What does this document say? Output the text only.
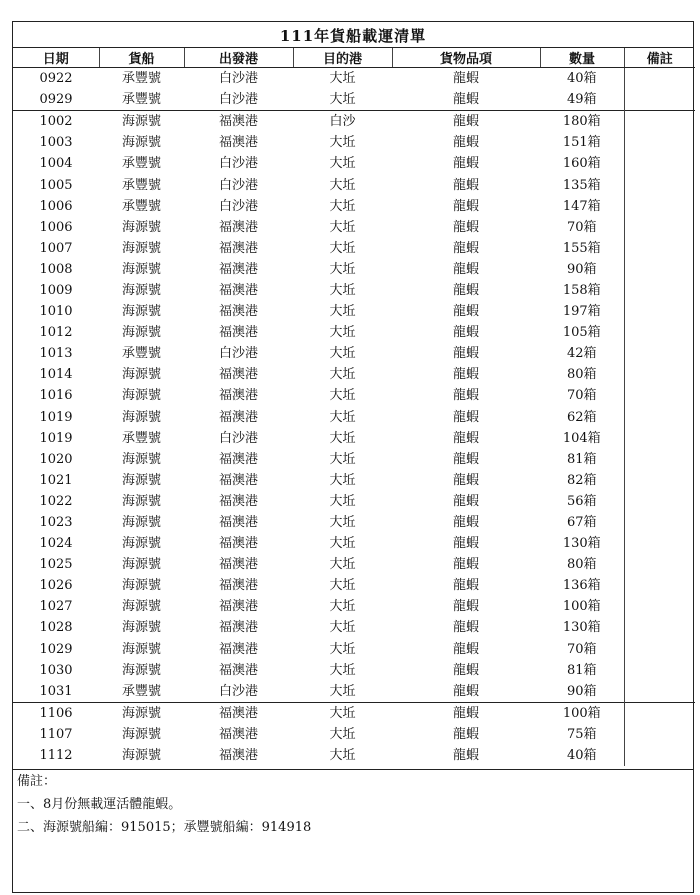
111年貨船載運清單
日期	貨船	出發港	目的港	貨物品項	數量	備註
0922	承豐號	白沙港	大坵	龍蝦	40箱	
0929	承豐號	白沙港	大坵	龍蝦	49箱	
1002	海源號	福澳港	白沙	龍蝦	180箱	
1003	海源號	福澳港	大坵	龍蝦	151箱	
1004	承豐號	白沙港	大坵	龍蝦	160箱	
1005	承豐號	白沙港	大坵	龍蝦	135箱	
1006	承豐號	白沙港	大坵	龍蝦	147箱	
1006	海源號	福澳港	大坵	龍蝦	70箱	
1007	海源號	福澳港	大坵	龍蝦	155箱	
1008	海源號	福澳港	大坵	龍蝦	90箱	
1009	海源號	福澳港	大坵	龍蝦	158箱	
1010	海源號	福澳港	大坵	龍蝦	197箱	
1012	海源號	福澳港	大坵	龍蝦	105箱	
1013	承豐號	白沙港	大坵	龍蝦	42箱	
1014	海源號	福澳港	大坵	龍蝦	80箱	
1016	海源號	福澳港	大坵	龍蝦	70箱	
1019	海源號	福澳港	大坵	龍蝦	62箱	
1019	承豐號	白沙港	大坵	龍蝦	104箱	
1020	海源號	福澳港	大坵	龍蝦	81箱	
1021	海源號	福澳港	大坵	龍蝦	82箱	
1022	海源號	福澳港	大坵	龍蝦	56箱	
1023	海源號	福澳港	大坵	龍蝦	67箱	
1024	海源號	福澳港	大坵	龍蝦	130箱	
1025	海源號	福澳港	大坵	龍蝦	80箱	
1026	海源號	福澳港	大坵	龍蝦	136箱	
1027	海源號	福澳港	大坵	龍蝦	100箱	
1028	海源號	福澳港	大坵	龍蝦	130箱	
1029	海源號	福澳港	大坵	龍蝦	70箱	
1030	海源號	福澳港	大坵	龍蝦	81箱	
1031	承豐號	白沙港	大坵	龍蝦	90箱	
1106	海源號	福澳港	大坵	龍蝦	100箱	
1107	海源號	福澳港	大坵	龍蝦	75箱	
1112	海源號	福澳港	大坵	龍蝦	40箱	
備註：
一、8月份無載運活體龍蝦。
二、海源號船編：915015；承豐號船編：914918
